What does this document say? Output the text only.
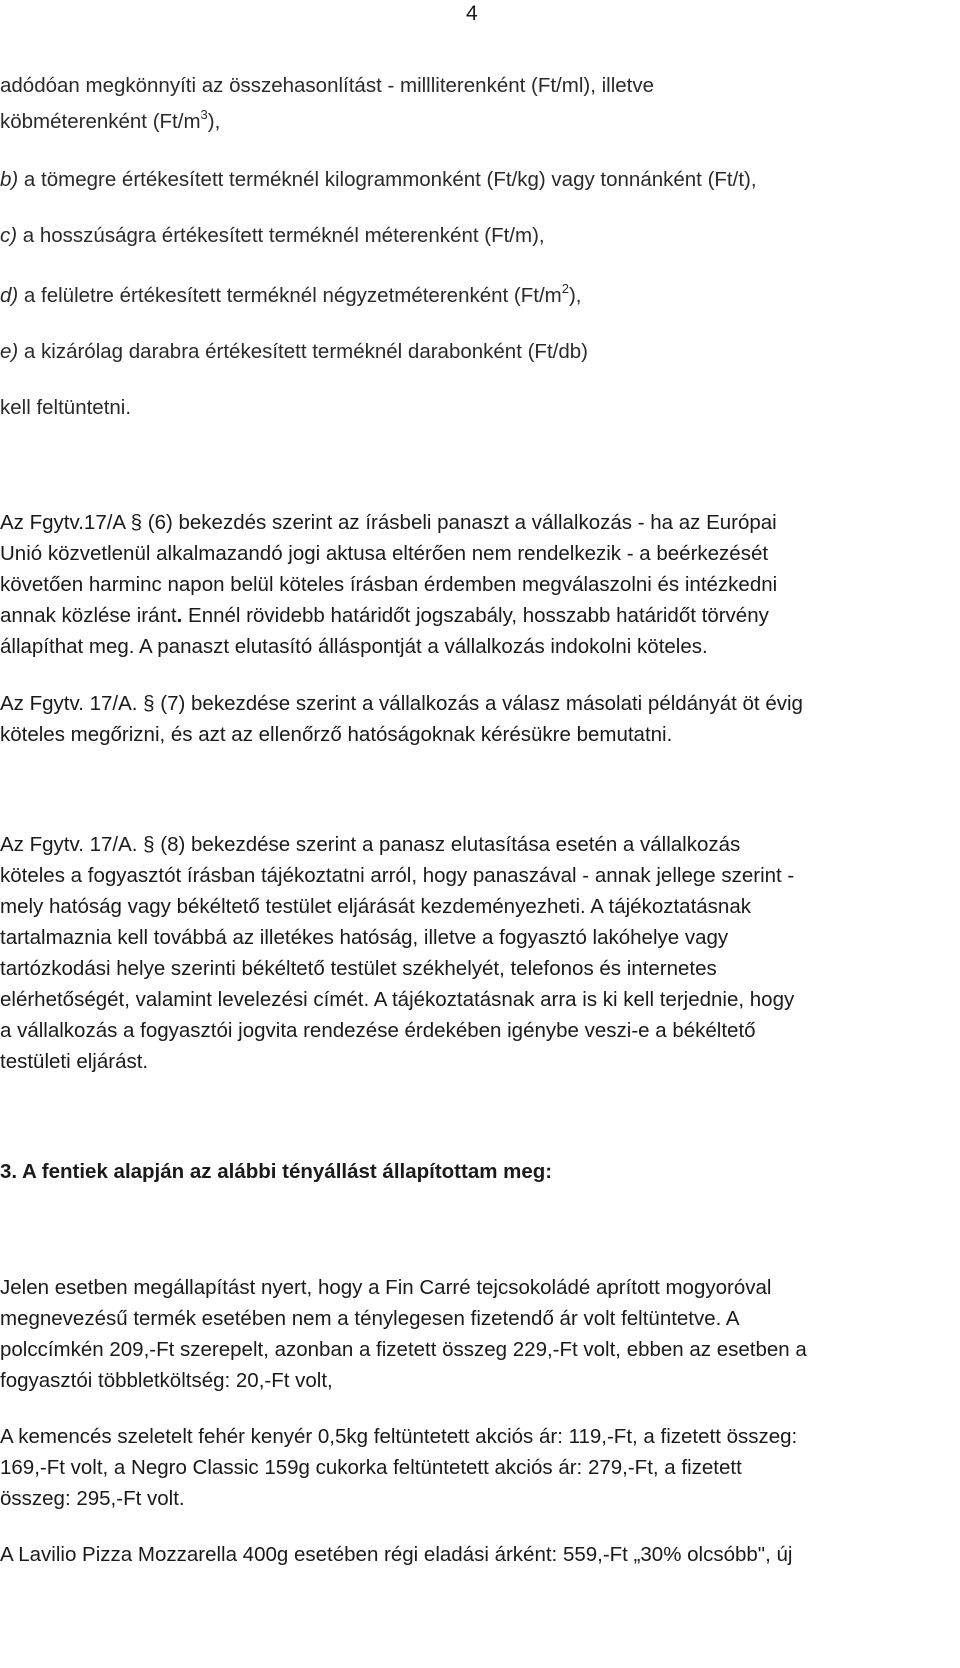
4
adódóan megkönnyíti az összehasonlítást - millliterenként (Ft/ml), illetve
köbméterenként $(Ft/m^3)$,
b) a tömegre értékesített terméknél kilogrammonként (Ft/kg) vagy tonnánként (Ft/t),
c) a hosszúságra értékesített terméknél méterenként (Ft/m),
d) a felületre értékesített terméknél négyzetméterenként $(Ft/m^2)$,
e) a kizárólag darabra értékesített terméknél darabonként (Ft/db)
kell feltüntetni.
Az Fgytv.17/A § (6) bekezdés szerint az írásbeli panaszt a vállalkozás - ha az Európai
Unió közvetlenül alkalmazandó jogi aktusa eltérően nem rendelkezik - a beérkezését
követően harminc napon belül köteles írásban érdemben megválaszolni és intézkedni
annak közlése iránt. Ennél rövidebb határidőt jogszabály, hosszabb határidőt törvény
állapíthat meg. A panaszt elutasító álláspontját a vállalkozás indokolni köteles.
Az Fgytv. 17/A. § (7) bekezdése szerint a vállalkozás a válasz másolati példányát öt évig
köteles megőrizni, és azt az ellenőrző hatóságoknak kérésükre bemutatni.
Az Fgytv. 17/A. § (8) bekezdése szerint a panasz elutasítása esetén a vállalkozás
köteles a fogyasztót írásban tájékoztatni arról, hogy panaszával - annak jellege szerint -
mely hatóság vagy békéltető testület eljárását kezdeményezheti. A tájékoztatásnak
tartalmaznia kell továbbá az illetékes hatóság, illetve a fogyasztó lakóhelye vagy
tartózkodási helye szerinti békéltető testület székhelyét, telefonos és internetes
elérhetőségét, valamint levelezési címét. A tájékoztatásnak arra is ki kell terjednie, hogy
a vállalkozás a fogyasztói jogvita rendezése érdekében igénybe veszi-e a békéltető
testületi eljárást.
3. A fentiek alapján az alábbi tényállást állapítottam meg:
Jelen esetben megállapítást nyert, hogy a Fin Carré tejcsokoládé aprított mogyoróval
megnevezésű termék esetében nem a ténylegesen fizetendő ár volt feltüntetve. A
polccímkén 209,-Ft szerepelt, azonban a fizetett összeg 229,-Ft volt, ebben az esetben a
fogyasztói többletköltség: 20,-Ft volt,
A kemencés szeletelt fehér kenyér 0,5kg feltüntetett akciós ár: 119,-Ft, a fizetett összeg:
169,-Ft volt, a Negro Classic 159g cukorka feltüntetett akciós ár: 279,-Ft, a fizetett
összeg: 295,-Ft volt.
A Lavilio Pizza Mozzarella 400g esetében régi eladási árként: 559,-Ft „30% olcsóbb", új
